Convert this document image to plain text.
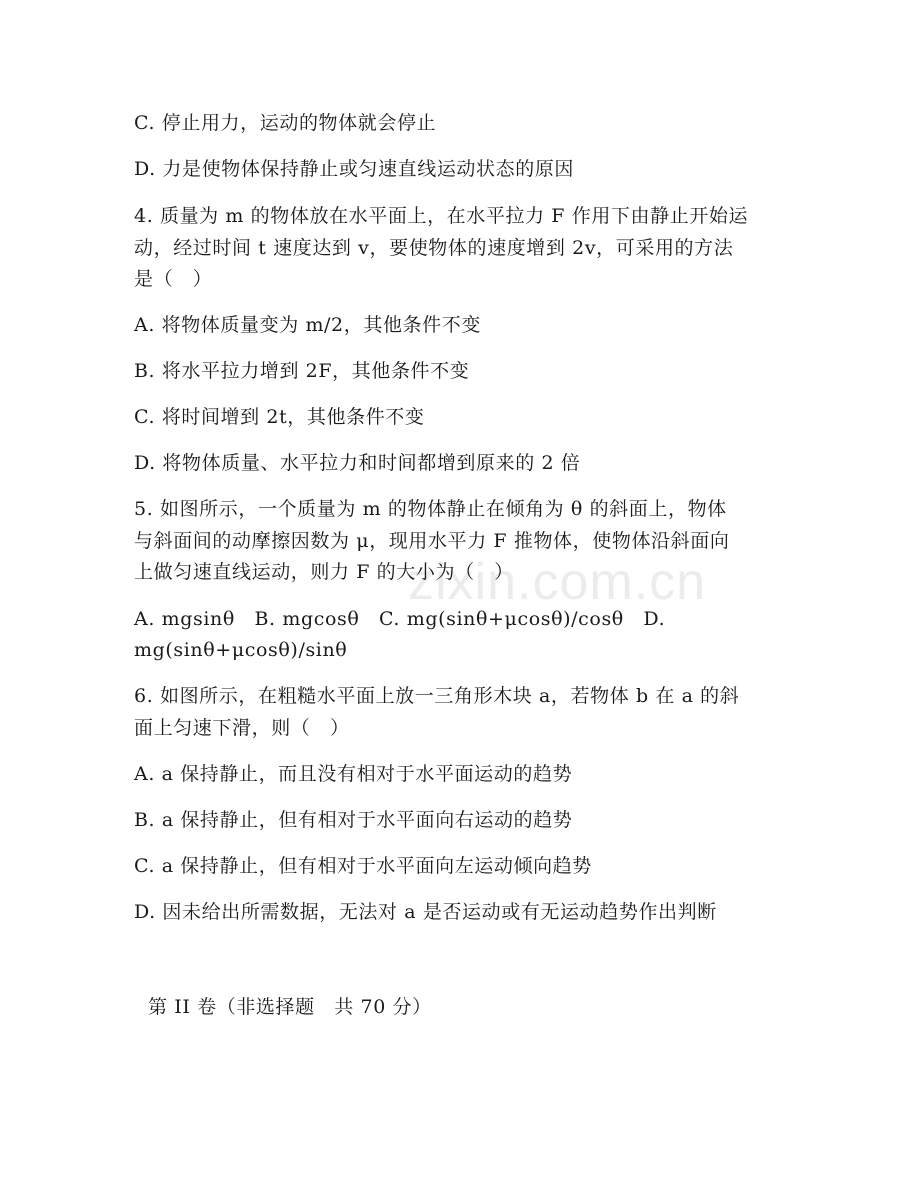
zixin.com.cn
C. 停止用力，运动的物体就会停止
D. 力是使物体保持静止或匀速直线运动状态的原因
4. 质量为 m 的物体放在水平面上，在水平拉力 F 作用下由静止开始运
动，经过时间 t 速度达到 v，要使物体的速度增到 2v，可采用的方法
是（　）
A. 将物体质量变为 m/2，其他条件不变
B. 将水平拉力增到 2F，其他条件不变
C. 将时间增到 2t，其他条件不变
D. 将物体质量、水平拉力和时间都增到原来的 2 倍
5. 如图所示，一个质量为 m 的物体静止在倾角为 θ 的斜面上，物体
与斜面间的动摩擦因数为 μ，现用水平力 F 推物体，使物体沿斜面向
上做匀速直线运动，则力 F 的大小为（　）
A. mgsinθ　B. mgcosθ　C. mg(sinθ+μcosθ)/cosθ　D.
mg(sinθ+μcosθ)/sinθ
6. 如图所示，在粗糙水平面上放一三角形木块 a，若物体 b 在 a 的斜
面上匀速下滑，则（　）
A. a 保持静止，而且没有相对于水平面运动的趋势
B. a 保持静止，但有相对于水平面向右运动的趋势
C. a 保持静止，但有相对于水平面向左运动倾向趋势
D. 因未给出所需数据，无法对 a 是否运动或有无运动趋势作出判断
第 II 卷（非选择题　共 70 分）
